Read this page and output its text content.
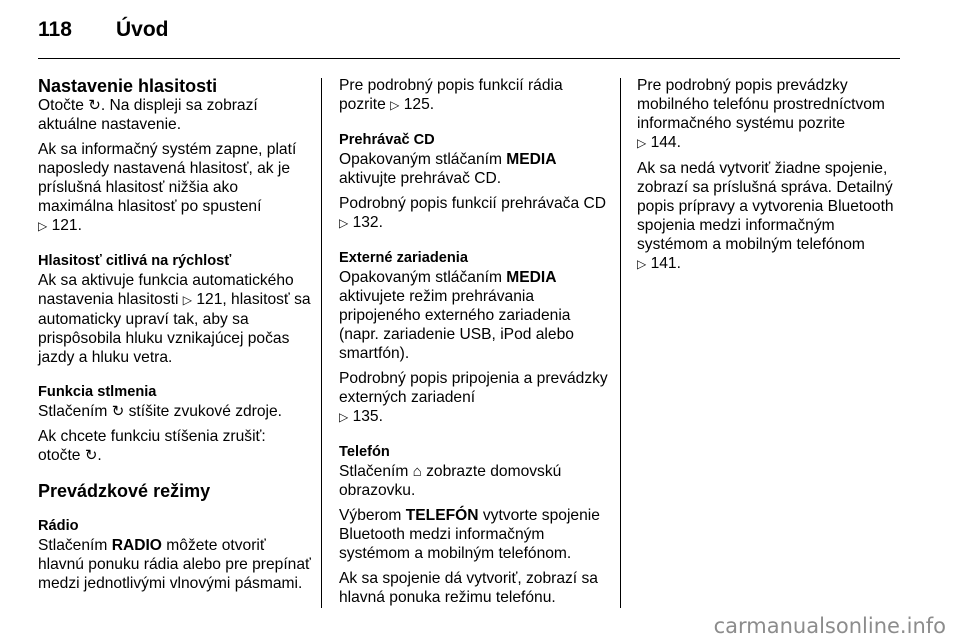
118	Úvod
Nastavenie hlasitosti

Otočte ↻. Na displeji sa zobrazí aktuálne nastavenie.

Ak sa informačný systém zapne, platí naposledy nastavená hlasitosť, ak je príslušná hlasitosť nižšia ako maximálna hlasitosť po spustení
▷ 121.

Hlasitosť citlivá na rýchlosť

Ak sa aktivuje funkcia automatického nastavenia hlasitosti ▷ 121, hlasitosť sa automaticky upraví tak, aby sa prispôsobila hluku vznikajúcej počas jazdy a hluku vetra.

Funkcia stlmenia

Stlačením ↻ stíšite zvukové zdroje.

Ak chcete funkciu stíšenia zrušiť: otočte ↻.

Prevádzkové režimy
Rádio

Stlačením RADIO môžete otvoriť hlavnú ponuku rádia alebo pre prepínať medzi jednotlivými vlnovými pásmami.

Pre podrobný popis funkcií rádia pozrite ▷ 125.

Prehrávač CD

Opakovaným stláčaním MEDIA aktivujte prehrávač CD.

Podrobný popis funkcií prehrávača CD ▷ 132.

Externé zariadenia

Opakovaným stláčaním MEDIA aktivujete režim prehrávania pripojeného externého zariadenia (napr. zariadenie USB, iPod alebo smartfón).

Podrobný popis pripojenia a prevádzky externých zariadení
▷ 135.

Telefón

Stlačením ⌂ zobrazte domovskú obrazovku.

Výberom TELEFÓN vytvorte spojenie Bluetooth medzi informačným systémom a mobilným telefónom.

Ak sa spojenie dá vytvoriť, zobrazí sa hlavná ponuka režimu telefónu.

Pre podrobný popis prevádzky mobilného telefónu prostredníctvom informačného systému pozrite
▷ 144.

Ak sa nedá vytvoriť žiadne spojenie, zobrazí sa príslušná správa. Detailný popis prípravy a vytvorenia Bluetooth spojenia medzi informačným systémom a mobilným telefónom
▷ 141.

carmanualsonline.info
